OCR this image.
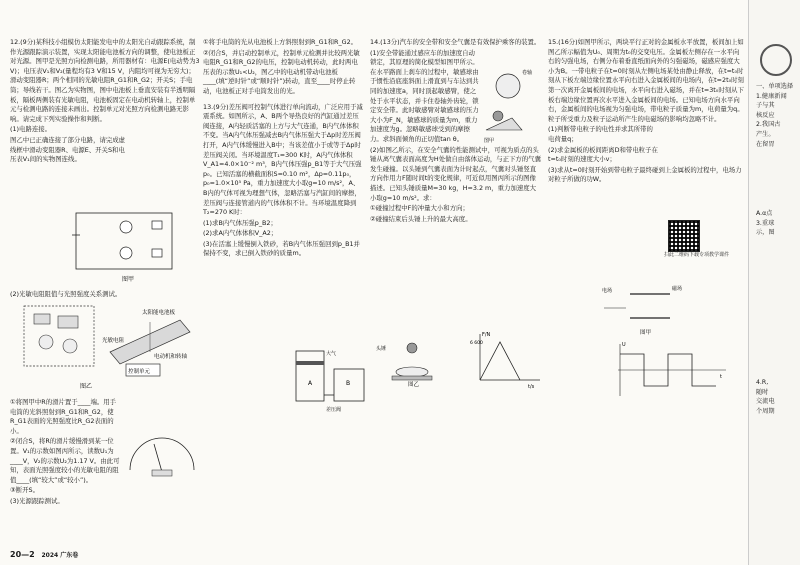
12.(9分)某科技小组模仿太阳能发电中的太阳光自动跟踪系统，制作光源跟踪演示装置，实现太阳能电池板方向的调整，使电池板正对光源。图甲是光照方向检测电路，所用器材有：电源E(电动势为3 V)；电压表V₁和V₂(量程均有3 V和15 V，内阻均可视为无穷大)；滑动变阻器R；两个相同的光敏电阻R_G1和R_G2；开关S；手电筒；导线若干。图乙为实物图，图中电池板上垂直安装有半透明隔板，隔板两侧装有光敏电阻，电池板固定在电动机转轴上，控制单元与检测电路的连接未画出。控制单元对光照方向检测电路无影响。请完成下列实验操作和判断。

(1)电路连接。

图乙中已正确连接了部分电路，请完成虚线框中滑动变阻器R、电源E、开关S和电压表V₁间的实物图连线。

图甲

(2)光敏电阻阻值与光照强度关系测试。

太阳能电池板
光敏电阻
电动机和转轴
控制单元
图乙

①将图甲中R的滑片置于____端。用手电筒的光斜照射到R_G1和R_G2，使R_G1表面的光照强度比R_G2表面的小。

②闭合S，将R的滑片缓慢滑到某一位置。V₁的示数如图丙所示，读数U₁为____V，V₂的示数U₂为1.17 V。由此可知，表面光照强度较小的光敏电阻的阻值____(填“较大”或“较小”)。

③断开S。

(3)光源跟踪测试。

①将手电筒的光从电池板上方斜照射到R_G1和R_G2。

②闭合S，并启动控制单元，控制单元检测并比较两光敏电阻R_G1和R_G2的电压，控制电动机转动，此时两电压表的示数U₁<U₂，图乙中的电动机带动电池板____(填“逆时针”或“顺时针”)转动，直至____时停止转动，电池板正对手电筒发出的光。

13.(9分)差压阀可控制气体进行单向流动，广泛应用于减震系统。如图所示，A、B两个导热良好的汽缸通过差压阀连接，A内轻质活塞的上方与大气连通，B内气体体积不变。当A内气体压强减去B内气体压强大于Δp时差压阀打开，A内气体缓慢进入B中；当该差值小于或等于Δp时差压阀关闭。当环境温度T₁=300 K时，A内气体体积V_A1=4.0×10⁻² m³，B内气体压强p_B1等于大气压强p₀。已知活塞的横截面积S=0.10 m²，Δp=0.11p₀，p₀=1.0×10⁵ Pa，重力加速度大小取g=10 m/s²，A、B内的气体可视为理想气体，忽略活塞与汽缸间的摩擦，差压阀与连接管道内的气体体积不计。当环境温度降到T₂=270 K时：

(1)求B内气体压强p_B2；

(2)求A内气体体积V_A2；

(3)在活塞上缓慢倒入铁砂，若B内气体压强回到p_B1并保持不变，求已倒入铁砂的质量m。

大气
A	B
差压阀

14.(13分)汽车的安全带和安全气囊是有效保护乘客的装置。

(1)安全带能通过感应车的加速度自动锁定，其原理的简化模型如图甲所示。在水平路面上刹车的过程中，敏感球由于惯性沿底座斜面上滑直到与车达到共同的加速度a，同时顶起敏感臂，使之处于水平状态，并卡住卷轴外齿轮，锁定安全带。此时敏感臂对敏感球的压力大小为F_N，敏感球的质量为m，重力加速度为g。忽略敏感球受到的摩擦力。求斜面倾角的正切值tan θ。

(2)如图乙所示，在安全气囊的性能测试中，可视为质点的头锤从离气囊表面高度为H处做自由落体运动，与正下方的气囊发生碰撞。以头锤到气囊表面为计时起点，气囊对头锤竖直方向作用力F随时间t的变化规律，可近似用图丙所示的图像描述。已知头锤质量M=30 kg，H=3.2 m，重力加速度大小取g=10 m/s²。求：

①碰撞过程中F的冲量大小和方向；

②碰撞结束后头锤上升的最大高度。

卷轴
图甲
头锤
图乙
F/N
6 600
t/s

15.(16分)如图甲所示，两块平行正对的金属板水平放置，板间加上如图乙所示幅值为U₀、周期为t₀的交变电压。金属板左侧存在一水平向右的匀强电场，右侧分布着垂直纸面向外的匀强磁场，磁感应强度大小为B。一带电粒子在t=0时刻从左侧电场某处由静止释放，在t=t₀时刻从下板左端边缘位置水平向右进入金属板间的电场内，在t=2t₀时刻第一次离开金属板间的电场，水平向右进入磁场，并在t=3t₀时刻从下板右端边缘位置再次水平进入金属板间的电场。已知电场方向水平向右，金属板间的电场视为匀强电场，带电粒子质量为m，电荷量为q。粒子所受重力及粒子运动所产生的电磁场的影响均忽略不计。

(1)判断带电粒子的电性并求其所带的电荷量q；

(2)求金属板的板间距离D和带电粒子在t=t₀时刻的速度大小v；

(3)求从t=0时刻开始到带电粒子最终碰到上金属板的过程中，电场力对粒子所做的功W。

扫此二维码下载专项教学课件
电场	磁场
图甲
U
t
一、单项选择
1.健康新闻
子与其
核反应
2.我国古
产生。
在留胃
A.α点
3.重球
示，图
4.R,
随时
交流电
个周期
20—2 2024 广东卷
